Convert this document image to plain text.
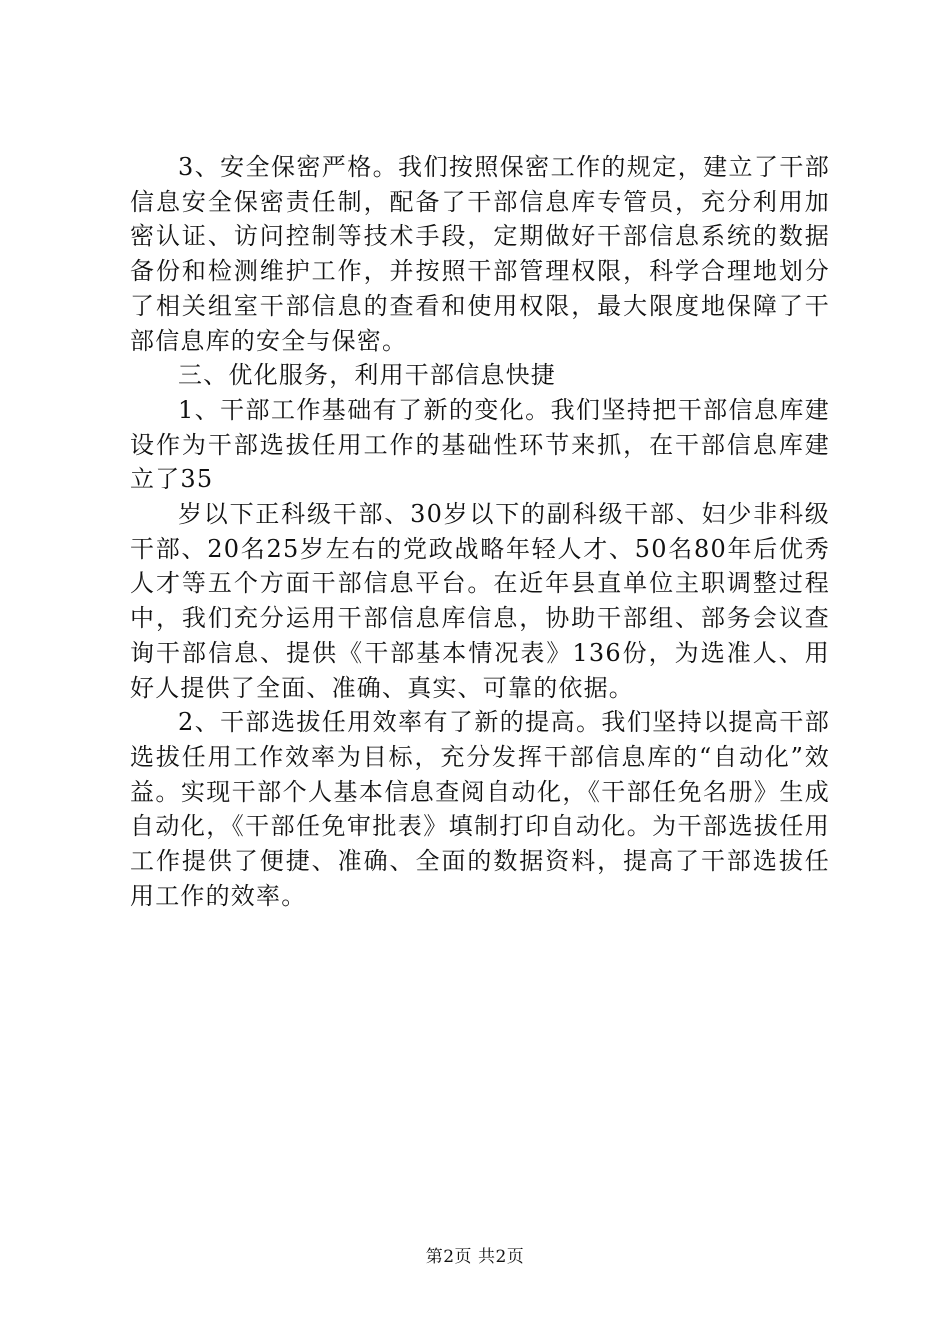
3、安全保密严格。我们按照保密工作的规定，建立了干部信息安全保密责任制，配备了干部信息库专管员，充分利用加密认证、访问控制等技术手段，定期做好干部信息系统的数据备份和检测维护工作，并按照干部管理权限，科学合理地划分了相关组室干部信息的查看和使用权限，最大限度地保障了干部信息库的安全与保密。

三、优化服务，利用干部信息快捷

1、干部工作基础有了新的变化。我们坚持把干部信息库建设作为干部选拔任用工作的基础性环节来抓，在干部信息库建立了35

岁以下正科级干部、30岁以下的副科级干部、妇少非科级干部、20名25岁左右的党政战略年轻人才、50名80年后优秀人才等五个方面干部信息平台。在近年县直单位主职调整过程中，我们充分运用干部信息库信息，协助干部组、部务会议查询干部信息、提供《干部基本情况表》136份，为选准人、用好人提供了全面、准确、真实、可靠的依据。

2、干部选拔任用效率有了新的提高。我们坚持以提高干部选拔任用工作效率为目标，充分发挥干部信息库的“自动化”效益。实现干部个人基本信息查阅自动化，《干部任免名册》生成自动化，《干部任免审批表》填制打印自动化。为干部选拔任用工作提供了便捷、准确、全面的数据资料，提高了干部选拔任用工作的效率。

第2页 共2页
